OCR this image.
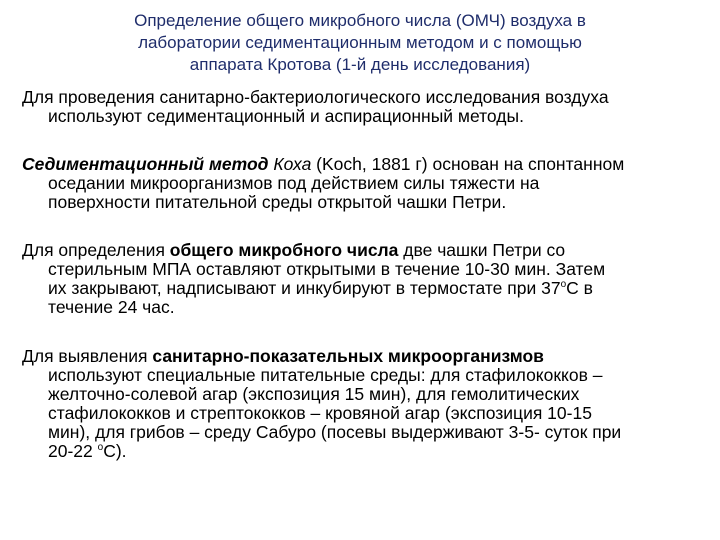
Определение общего микробного числа (ОМЧ) воздуха в
лаборатории седиментационным методом и с помощью
аппарата Кротова (1-й день исследования)

Для проведения санитарно-бактериологического исследования воздуха
используют седиментационный и аспирационный методы.

Седиментационный метод Коха (Koch, 1881 г) основан на спонтанном
оседании микроорганизмов под действием силы тяжести на
поверхности питательной среды открытой чашки Петри.

Для определения общего микробного числа две чашки Петри со
стерильным МПА оставляют открытыми в течение 10-30 мин. Затем
их закрывают, надписывают и инкубируют в термостате при $37^оС$ в
течение 24 час.

Для выявления санитарно-показательных микроорганизмов
используют специальные питательные среды: для стафилококков –
желточно-солевой агар (экспозиция 15 мин), для гемолитических
стафилококков и стрептококков – кровяной агар (экспозиция 10-15
мин), для грибов – среду Сабуро (посевы выдерживают 3-5- суток при
20-22 $^о$С).
